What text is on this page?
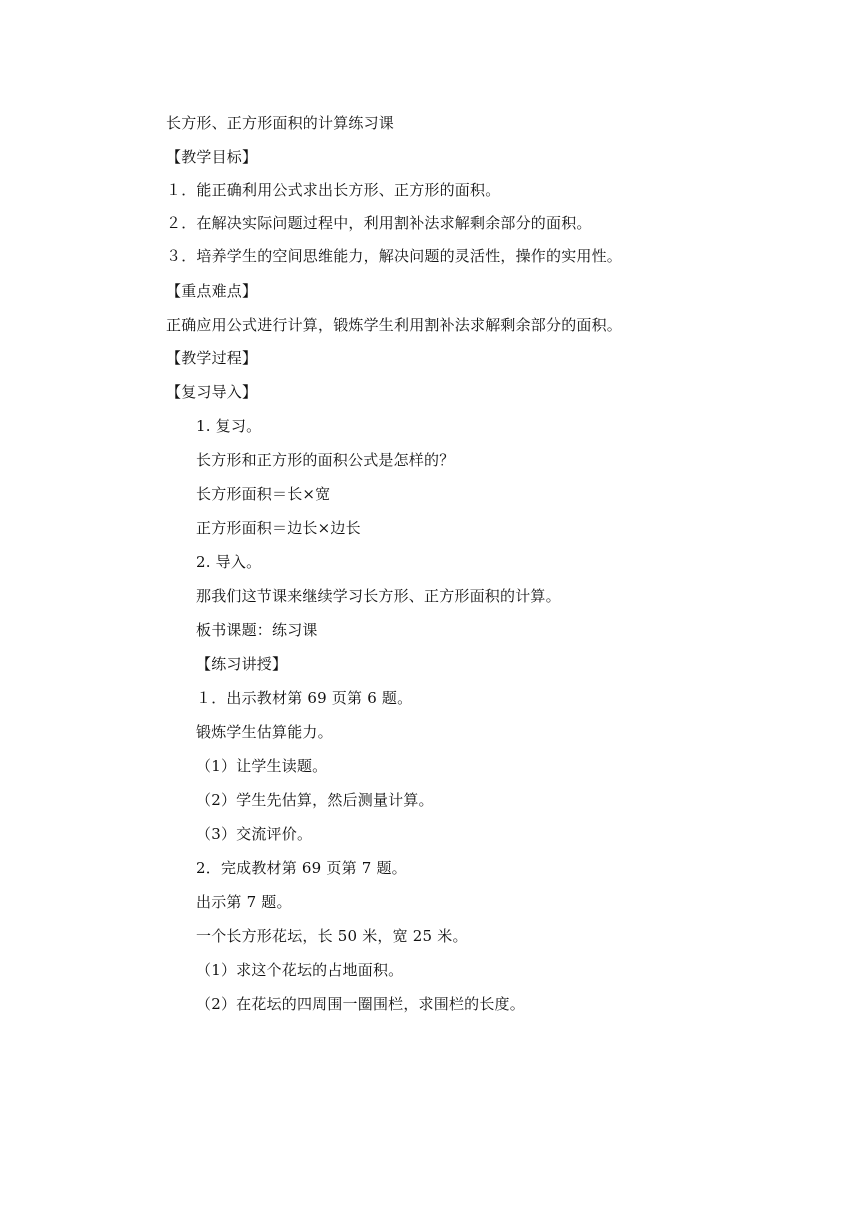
长方形、正方形面积的计算练习课
【教学目标】
１．能正确利用公式求出长方形、正方形的面积。
２．在解决实际问题过程中，利用割补法求解剩余部分的面积。
３．培养学生的空间思维能力，解决问题的灵活性，操作的实用性。
【重点难点】
正确应用公式进行计算，锻炼学生利用割补法求解剩余部分的面积。
【教学过程】
【复习导入】
1. 复习。
长方形和正方形的面积公式是怎样的？
长方形面积＝长×宽
正方形面积＝边长×边长
2. 导入。
那我们这节课来继续学习长方形、正方形面积的计算。
板书课题：练习课
【练习讲授】
１．出示教材第 69 页第 6 题。
锻炼学生估算能力。
（1）让学生读题。
（2）学生先估算，然后测量计算。
（3）交流评价。
2．完成教材第 69 页第 7 题。
出示第 7 题。
一个长方形花坛，长 50 米，宽 25 米。
（1）求这个花坛的占地面积。
（2）在花坛的四周围一圈围栏，求围栏的长度。
